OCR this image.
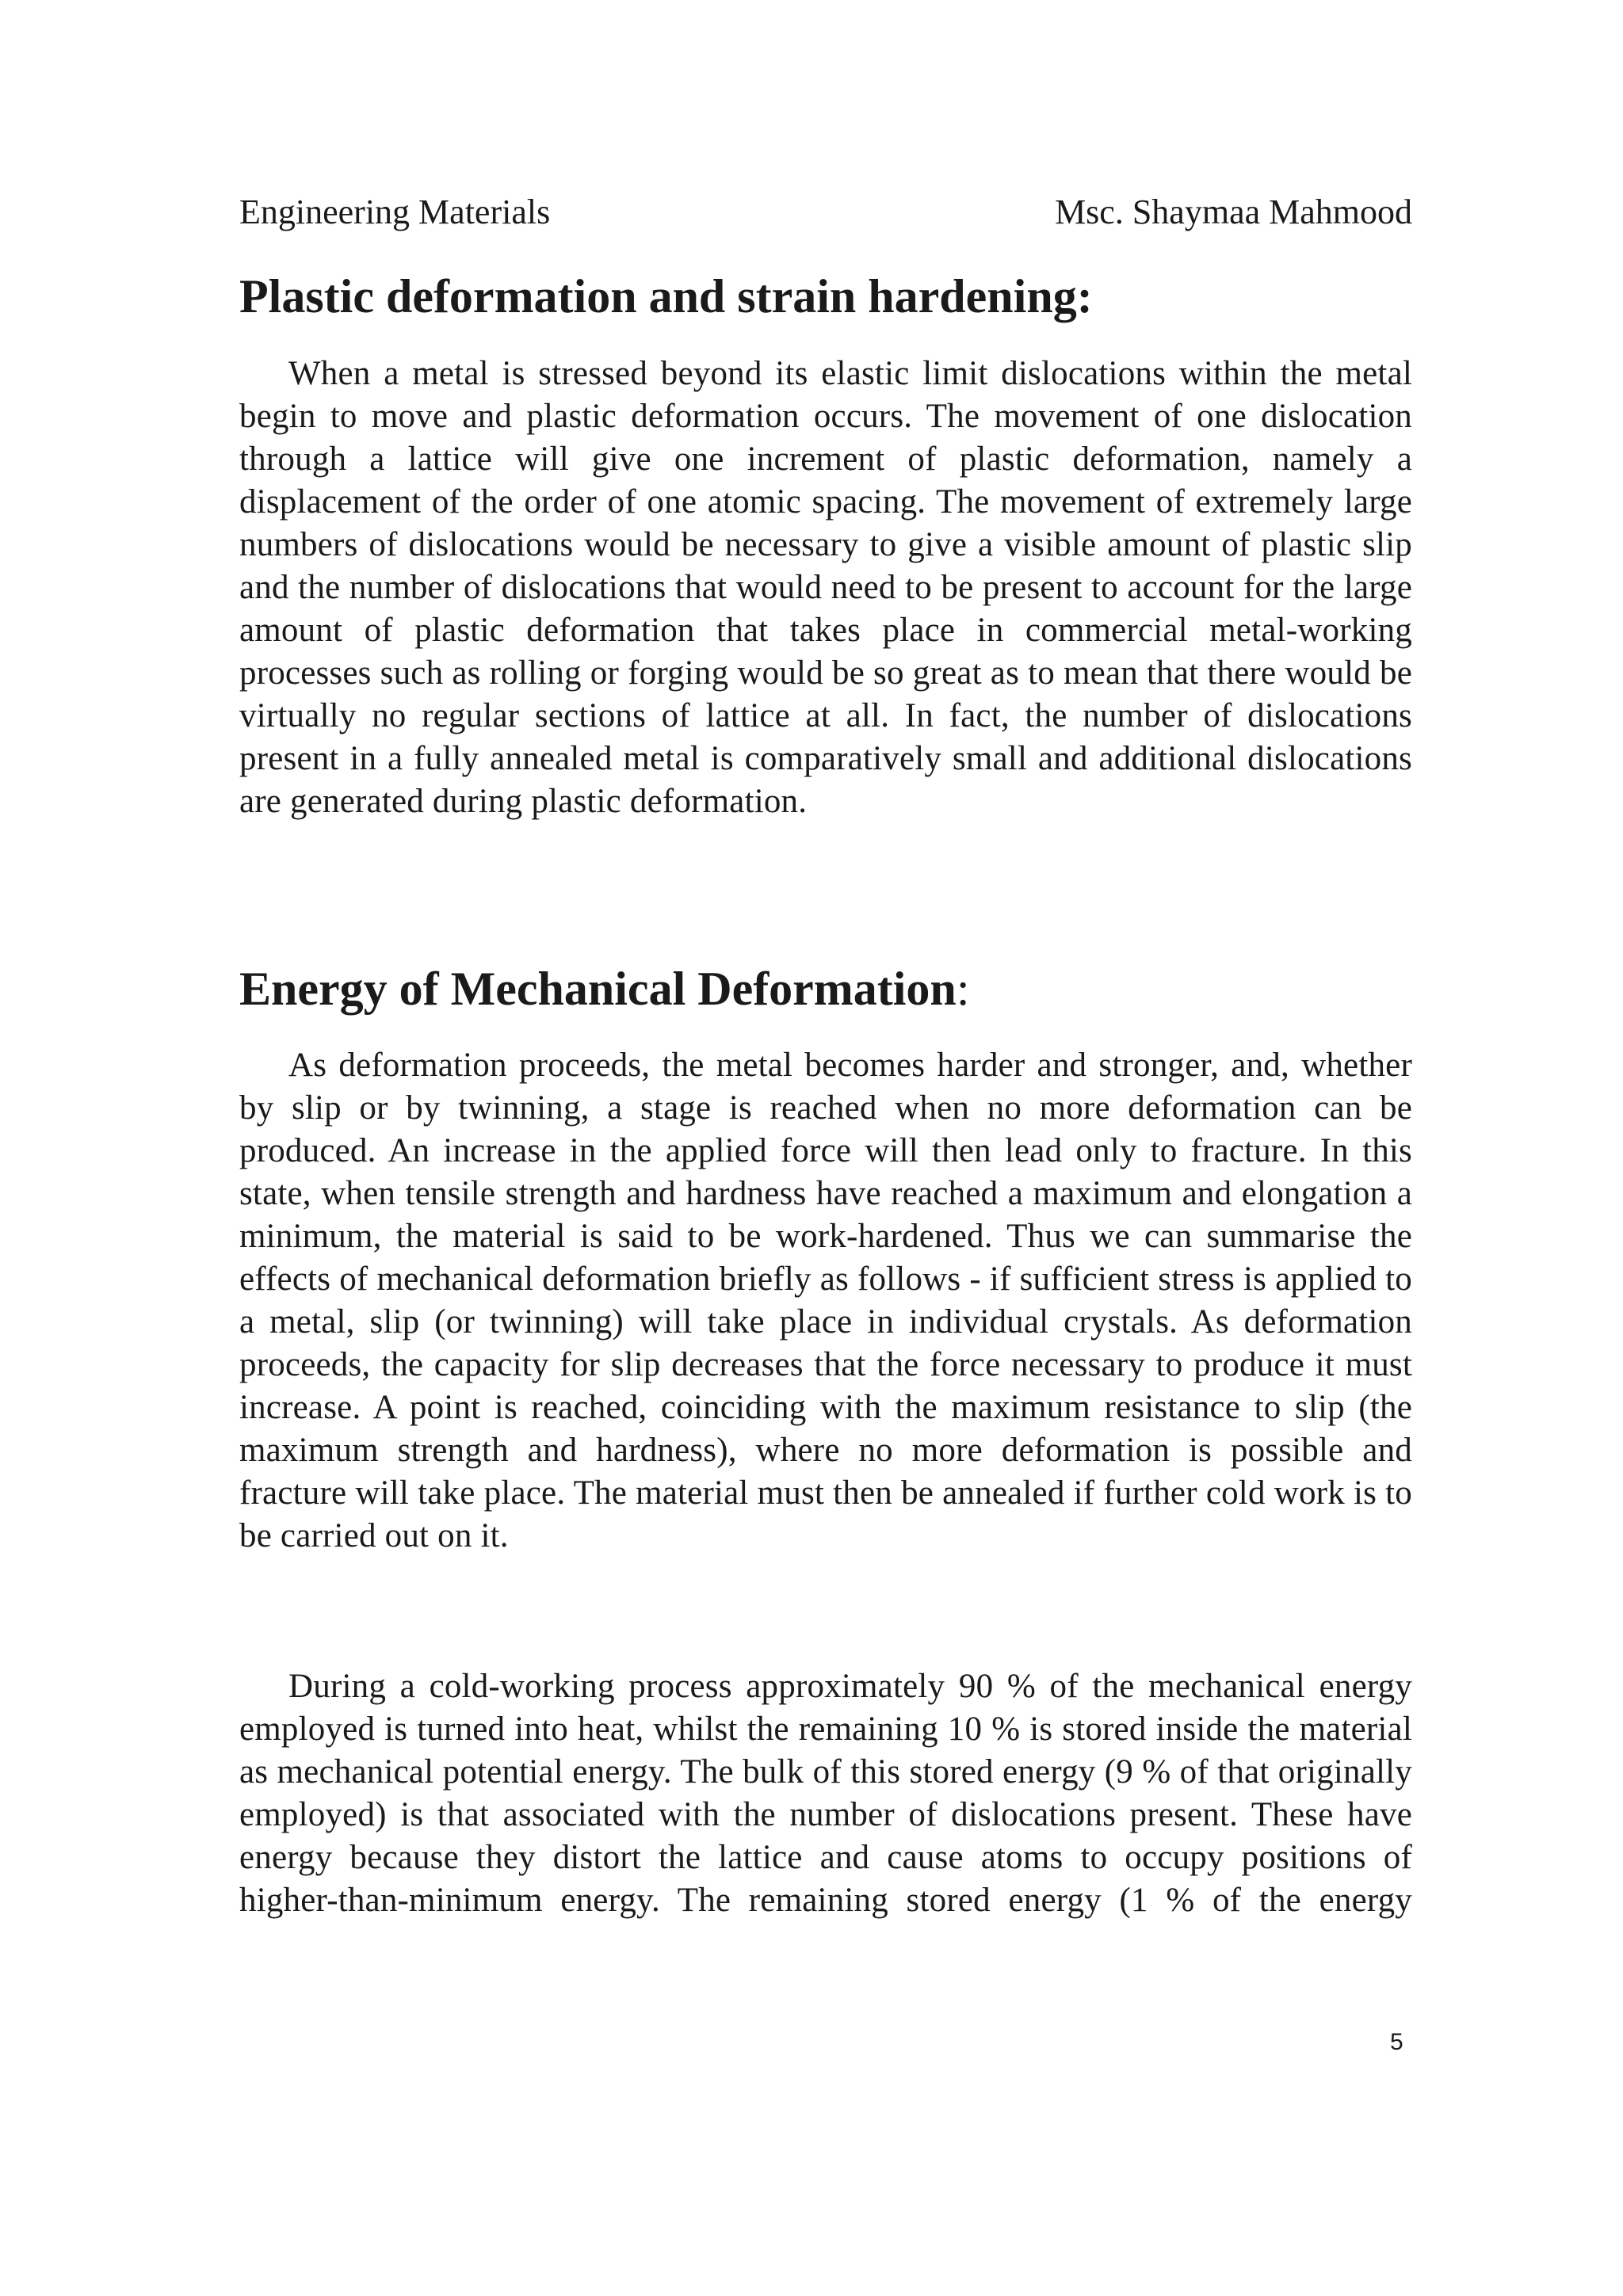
Engineering Materials	Msc. Shaymaa Mahmood
Plastic deformation and strain hardening:

When a metal is stressed beyond its elastic limit dislocations within the metal begin to move and plastic deformation occurs. The movement of one dislocation through a lattice will give one increment of plastic deformation, namely a displacement of the order of one atomic spacing. The movement of extremely large numbers of dislocations would be necessary to give a visible amount of plastic slip and the number of dislocations that would need to be present to account for the large amount of plastic deformation that takes place in commercial metal-working processes such as rolling or forging would be so great as to mean that there would be virtually no regular sections of lattice at all. In fact, the number of dislocations present in a fully annealed metal is comparatively small and additional dislocations are generated during plastic deformation.

Energy of Mechanical Deformation:

As deformation proceeds, the metal becomes harder and stronger, and, whether by slip or by twinning, a stage is reached when no more deformation can be produced. An increase in the applied force will then lead only to fracture. In this state, when tensile strength and hardness have reached a maximum and elongation a minimum, the material is said to be work-hardened. Thus we can summarise the effects of mechanical deformation briefly as follows - if sufficient stress is applied to a metal, slip (or twinning) will take place in individual crystals. As deformation proceeds, the capacity for slip decreases that the force necessary to produce it must increase. A point is reached, coinciding with the maximum resistance to slip (the maximum strength and hardness), where no more deformation is possible and fracture will take place. The material must then be annealed if further cold work is to be carried out on it.

During a cold-working process approximately 90 % of the mechanical energy employed is turned into heat, whilst the remaining 10 % is stored inside the material as mechanical potential energy. The bulk of this stored energy (9 % of that originally employed) is that associated with the number of dislocations present. These have energy because they distort the lattice and cause atoms to occupy positions of higher-than-minimum energy. The remaining stored energy (1 % of the energy

5
